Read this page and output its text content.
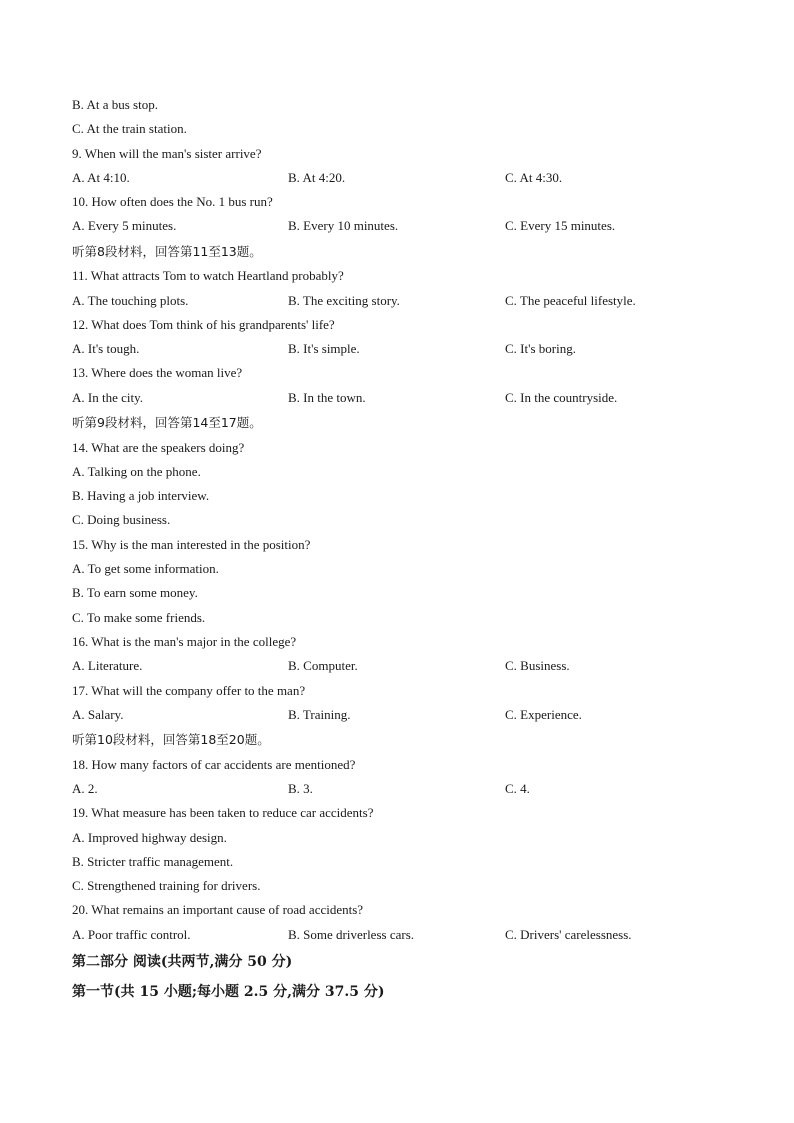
B. At a bus stop.
C. At the train station.
9. When will the man's sister arrive?
A. At 4:10.	B. At 4:20.	C. At 4:30.
10. How often does the No. 1 bus run?
A. Every 5 minutes.	B. Every 10 minutes.	C. Every 15 minutes.
听第8段材料，回答第11至13题。
11. What attracts Tom to watch Heartland probably?
A. The touching plots.	B. The exciting story.	C. The peaceful lifestyle.
12. What does Tom think of his grandparents' life?
A. It's tough.	B. It's simple.	C. It's boring.
13. Where does the woman live?
A. In the city.	B. In the town.	C. In the countryside.
听第9段材料，回答第14至17题。
14. What are the speakers doing?
A. Talking on the phone.
B. Having a job interview.
C. Doing business.
15. Why is the man interested in the position?
A. To get some information.
B. To earn some money.
C. To make some friends.
16. What is the man's major in the college?
A. Literature.	B. Computer.	C. Business.
17. What will the company offer to the man?
A. Salary.	B. Training.	C. Experience.
听第10段材料，回答第18至20题。
18. How many factors of car accidents are mentioned?
A. 2.	B. 3.	C. 4.
19. What measure has been taken to reduce car accidents?
A. Improved highway design.
B. Stricter traffic management.
C. Strengthened training for drivers.
20. What remains an important cause of road accidents?
A. Poor traffic control.	B. Some driverless cars.	C. Drivers' carelessness.
第二部分 阅读(共两节,满分 50 分)
第一节(共 15 小题;每小题 2.5 分,满分 37.5 分)
